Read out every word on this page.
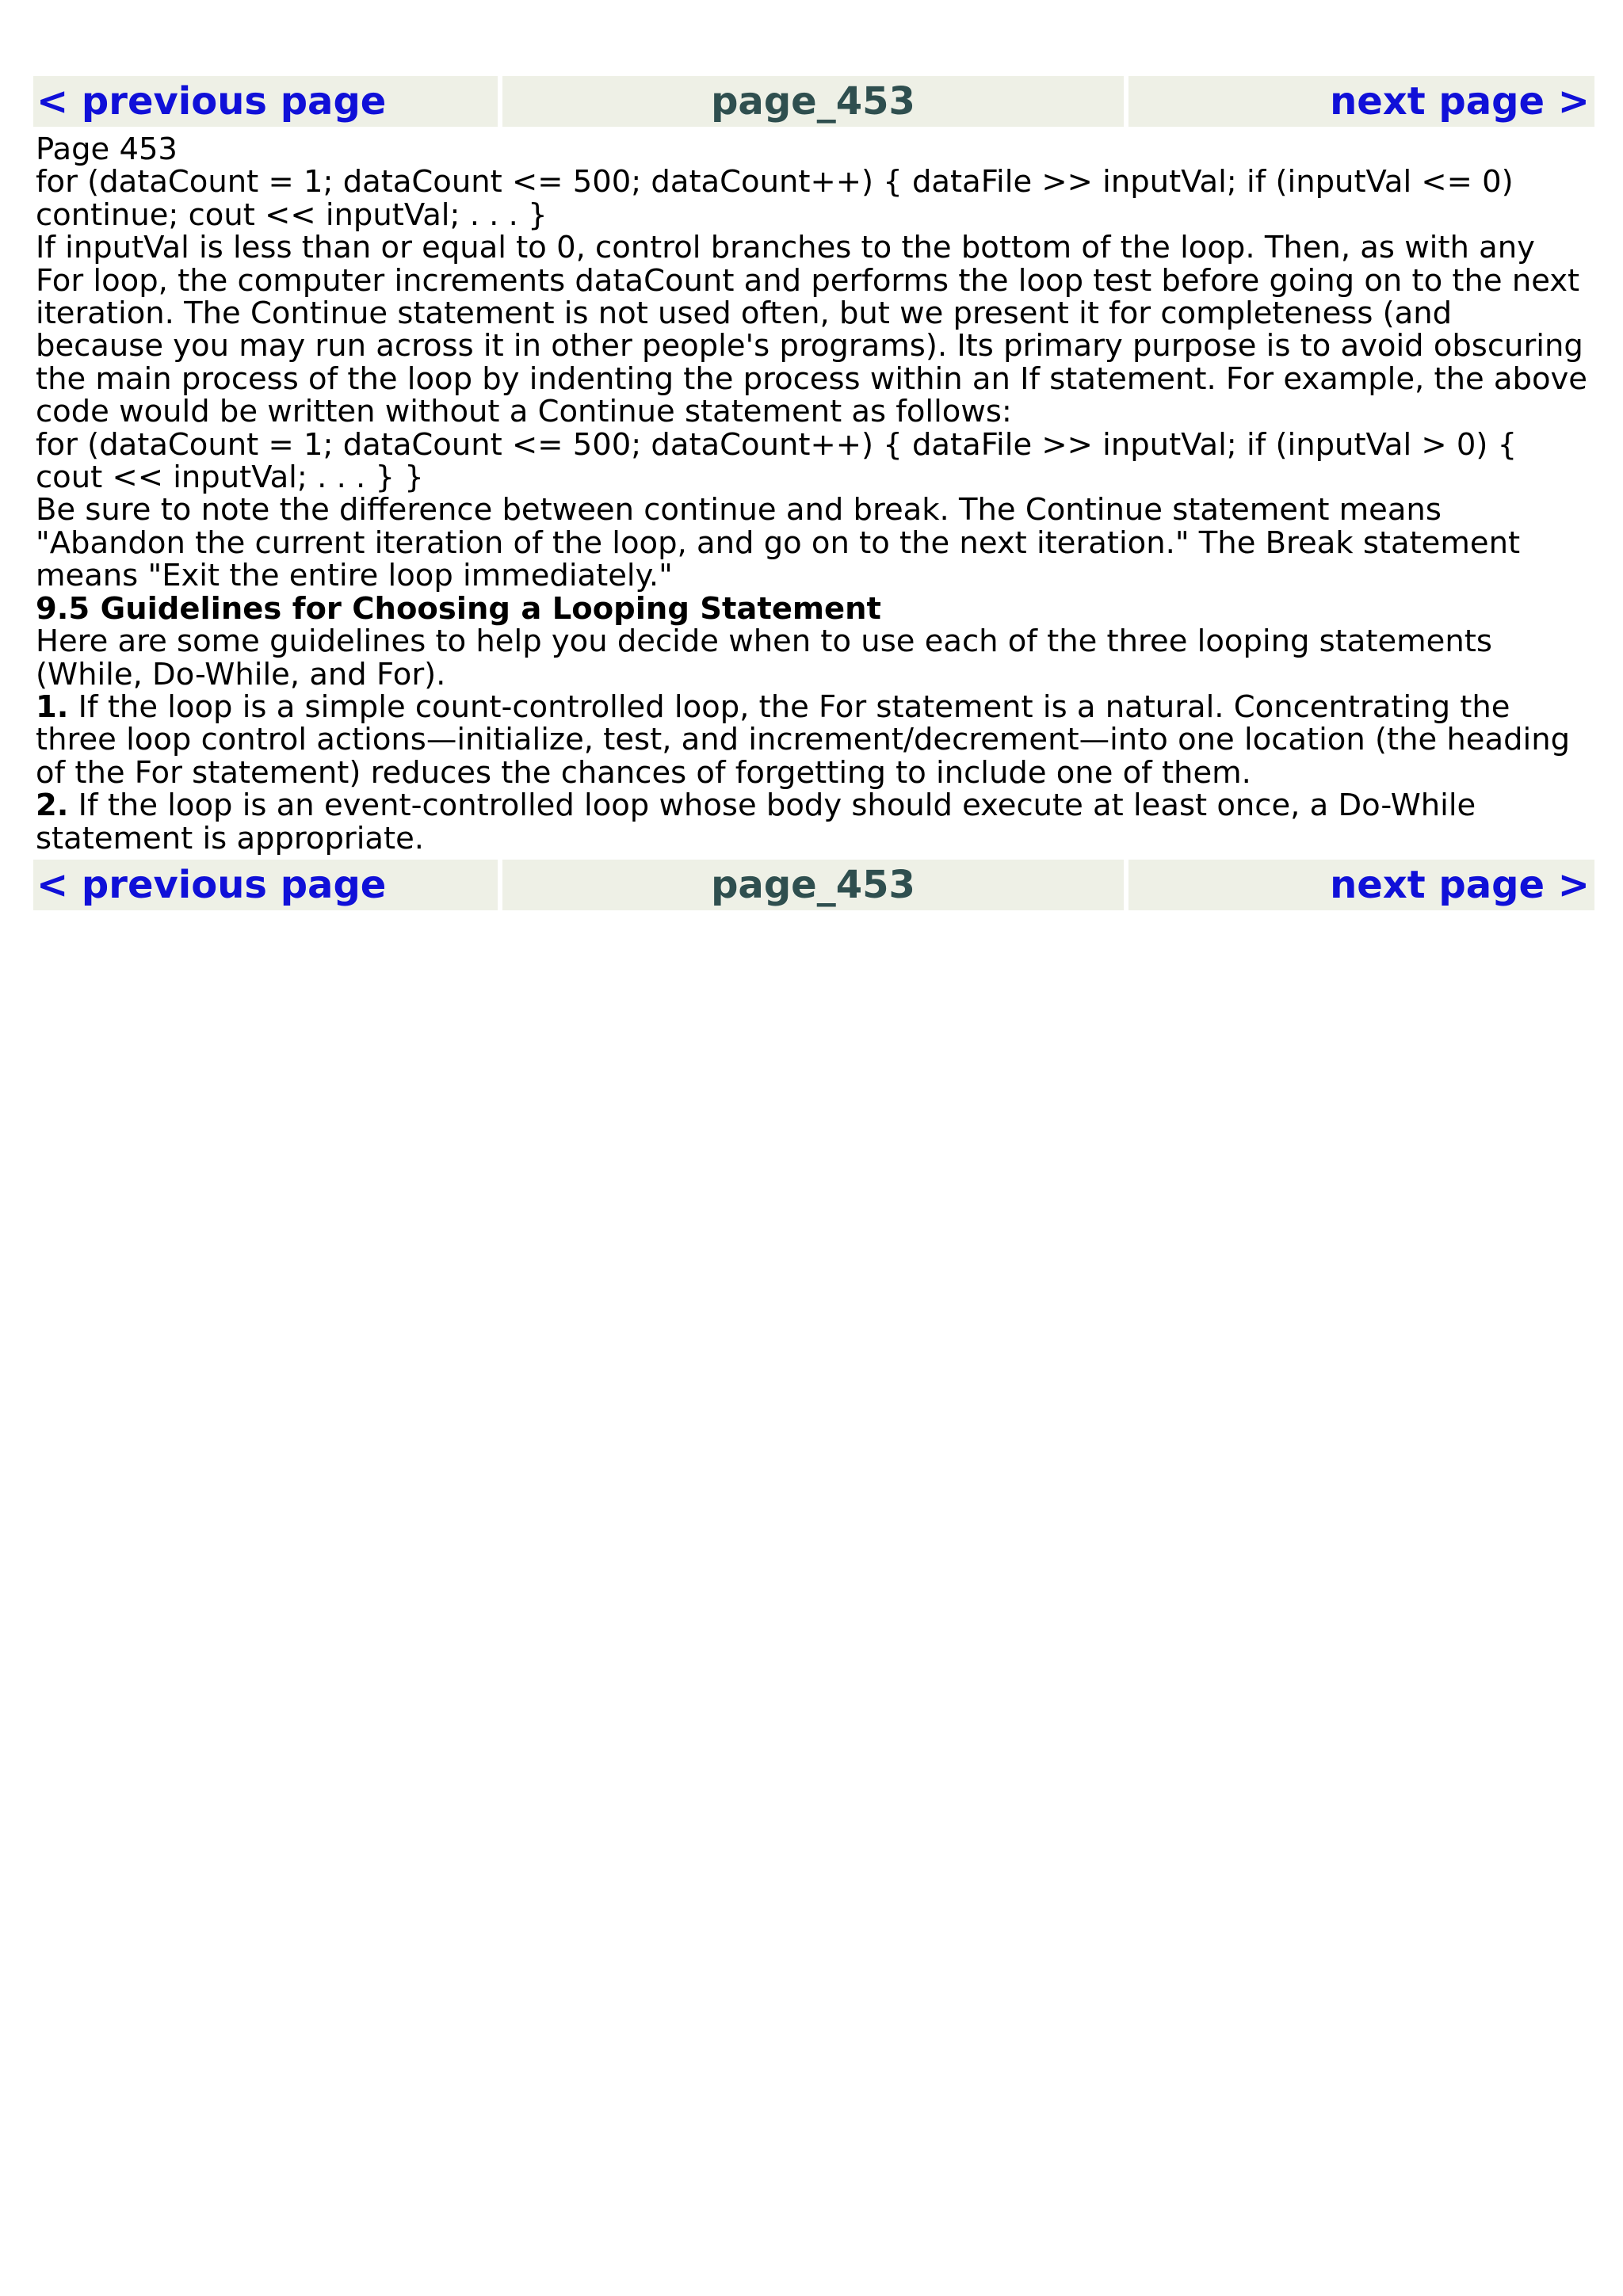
< previous page	page_453	next page >

Page 453

for (dataCount = 1; dataCount <= 500; dataCount++) { dataFile >> inputVal; if (inputVal <= 0) continue; cout << inputVal; . . . }

If inputVal is less than or equal to 0, control branches to the bottom of the loop. Then, as with any For loop, the computer increments dataCount and performs the loop test before going on to the next iteration. The Continue statement is not used often, but we present it for completeness (and because you may run across it in other people's programs). Its primary purpose is to avoid obscuring the main process of the loop by indenting the process within an If statement. For example, the above code would be written without a Continue statement as follows:

for (dataCount = 1; dataCount <= 500; dataCount++) { dataFile >> inputVal; if (inputVal > 0) { cout << inputVal; . . . } }

Be sure to note the difference between continue and break. The Continue statement means "Abandon the current iteration of the loop, and go on to the next iteration." The Break statement means "Exit the entire loop immediately."

9.5 Guidelines for Choosing a Looping Statement

Here are some guidelines to help you decide when to use each of the three looping statements (While, Do-While, and For).

1. If the loop is a simple count-controlled loop, the For statement is a natural. Concentrating the three loop control actions—initialize, test, and increment/decrement—into one location (the heading of the For statement) reduces the chances of forgetting to include one of them.

2. If the loop is an event-controlled loop whose body should execute at least once, a Do-While statement is appropriate.

< previous page	page_453	next page >
